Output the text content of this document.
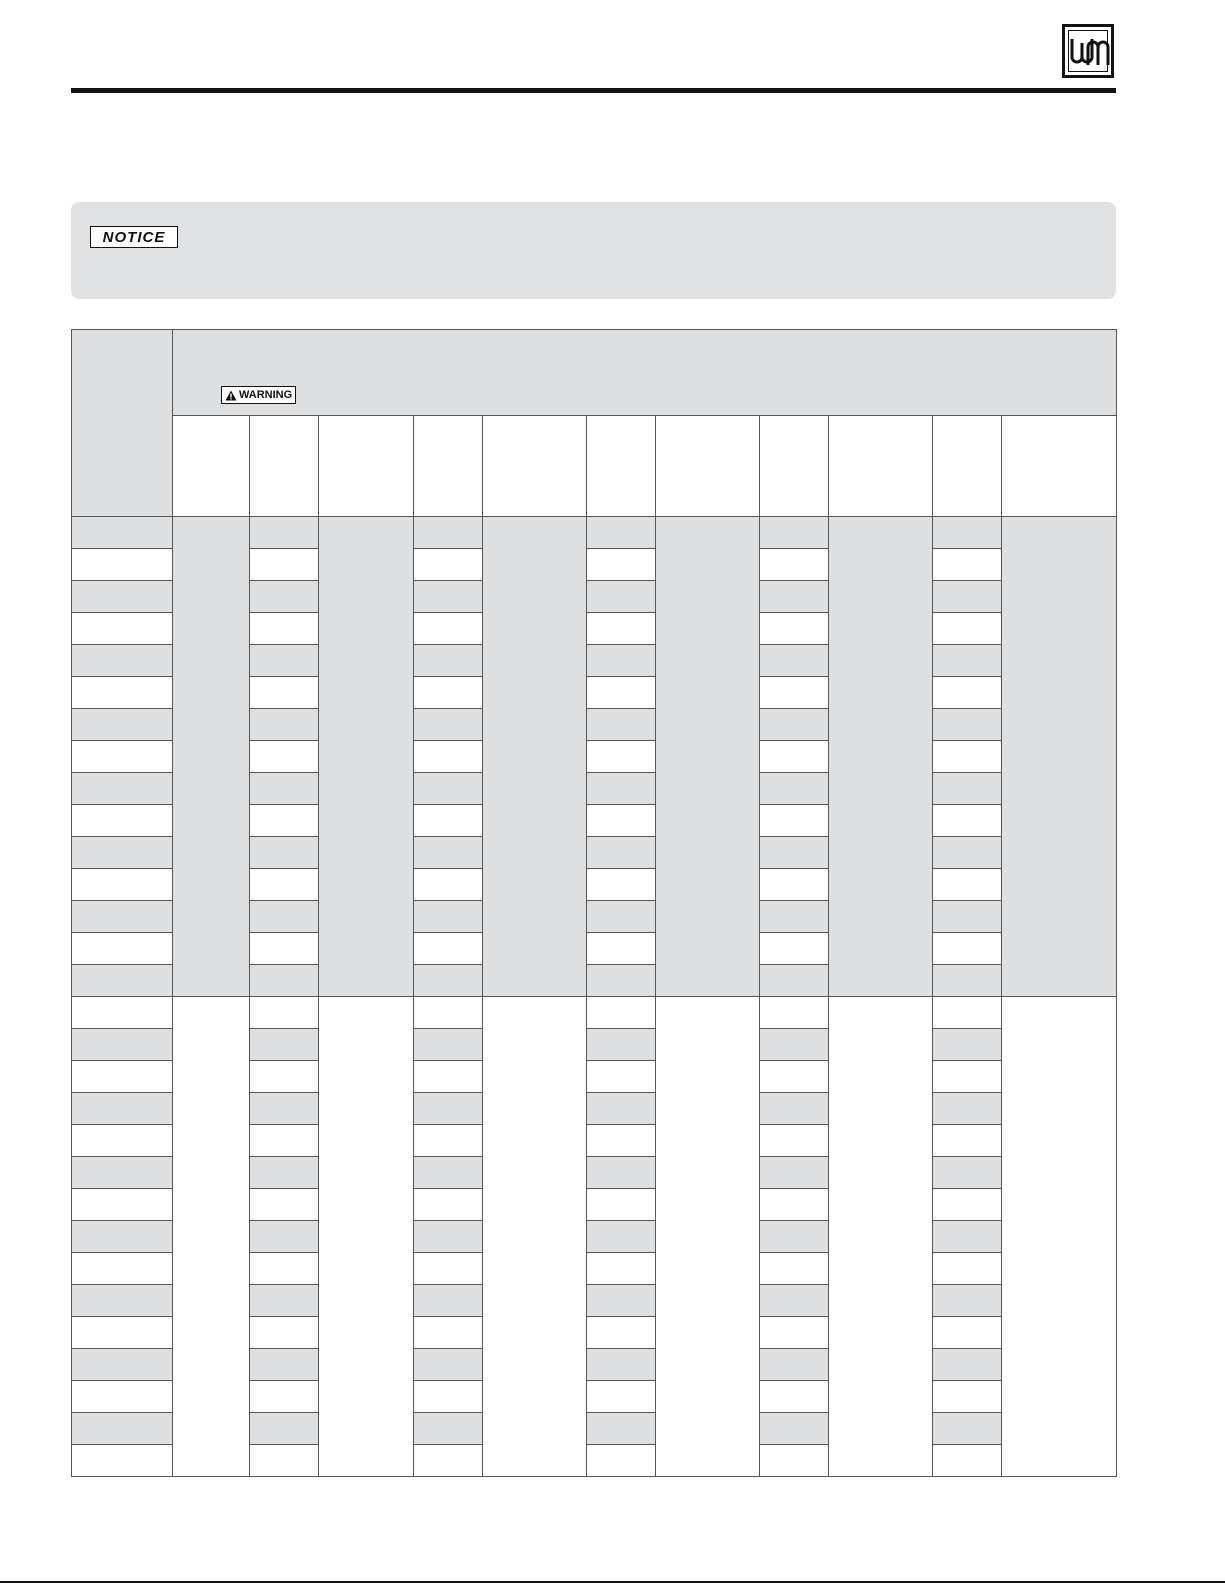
NOTICE

	WARNING										
